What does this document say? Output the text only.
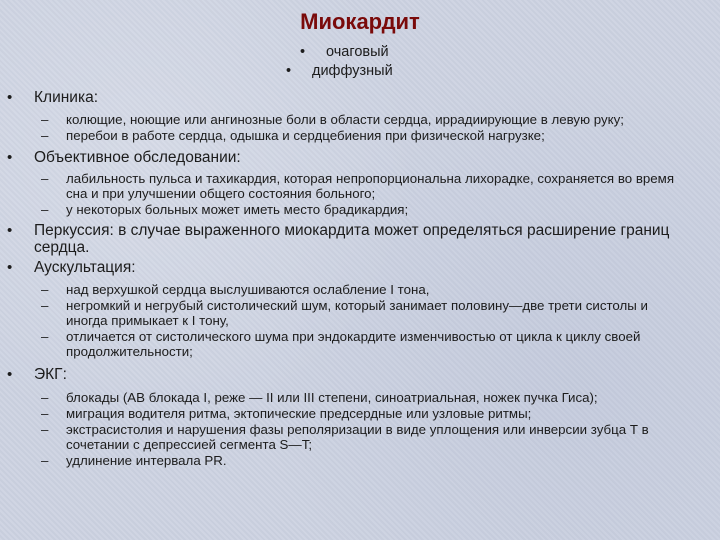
Миокардит
• очаговый
• диффузный
• Клиника:
– колющие, ноющие или ангинозные боли в области сердца, иррадиирующие в левую руку;
– перебои в работе сердца, одышка и сердцебиения при физической нагрузке;
• Объективное обследовании:
– лабильность пульса и тахикардия, которая непропорциональна лихорадке, сохраняется во время сна и при улучшении общего состояния больного;
– у некоторых больных может иметь место брадикардия;
• Перкуссия: в случае выраженного миокардита может определяться расширение границ сердца.
• Аускультация:
– над верхушкой сердца выслушиваются ослабление I тона,
– негромкий и негрубый систолический шум, который занимает половину—две трети систолы и иногда примыкает к I тону,
– отличается от систолического шума при эндокардите изменчивостью от цикла к циклу своей продолжительности;
• ЭКГ:
– блокады (АВ блокада I, реже — II или III степени, синоатриальная, ножек пучка Гиса);
– миграция водителя ритма, эктопические предсердные или узловые ритмы;
– экстрасистолия и нарушения фазы реполяризации в виде уплощения или инверсии зубца Т в сочетании с депрессией сегмента S—T;
– удлинение интервала PR.
